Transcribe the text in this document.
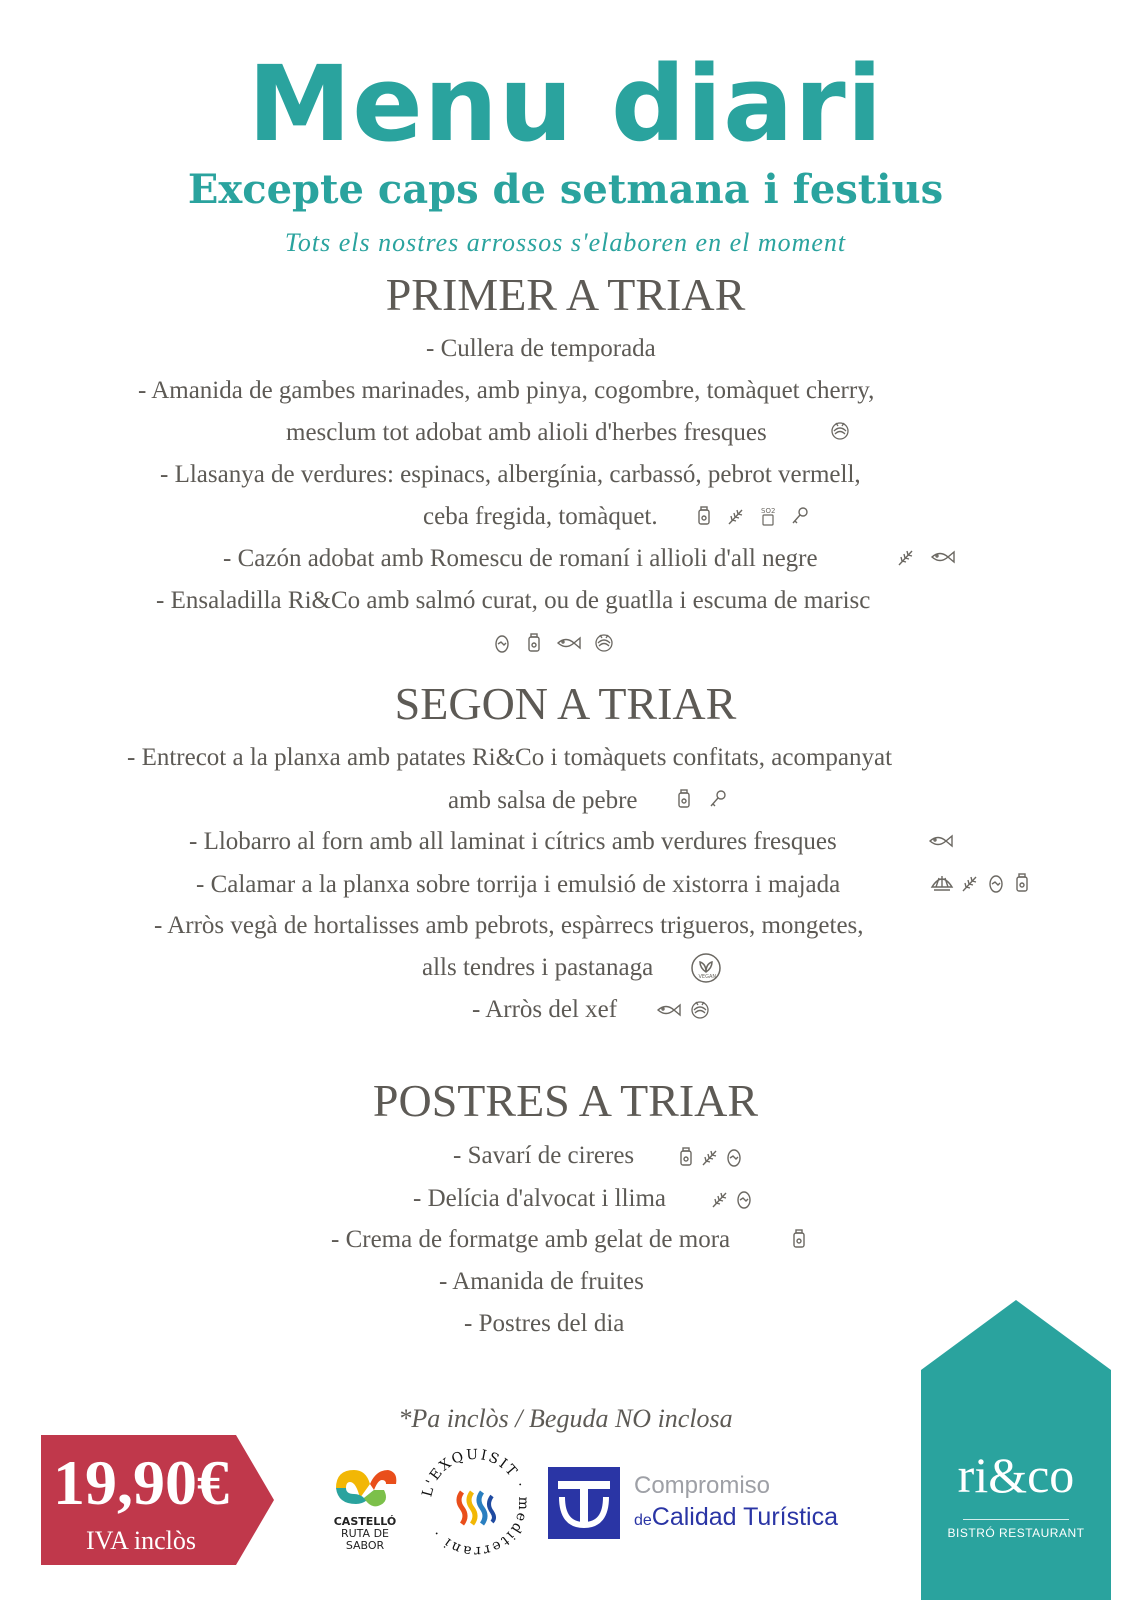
Menu diari
Excepte caps de setmana i festius
Tots els nostres arrossos s'elaboren en el moment
PRIMER A TRIAR
- Cullera de temporada
- Amanida de gambes marinades, amb pinya, cogombre, tomàquet cherry,
mesclum tot adobat amb alioli d'herbes fresques
- Llasanya de verdures: espinacs, albergínia, carbassó, pebrot vermell,
ceba fregida, tomàquet.	SO2
- Cazón adobat amb Romescu de romaní i allioli d'all negre
- Ensaladilla Ri&Co amb salmó curat, ou de guatlla i escuma de marisc
SEGON A TRIAR
- Entrecot a la planxa amb patates Ri&Co i tomàquets confitats, acompanyat
amb salsa de pebre
- Llobarro al forn amb all laminat i cítrics amb verdures fresques
- Calamar a la planxa sobre torrija i emulsió de xistorra i majada
- Arròs vegà de hortalisses amb pebrots, espàrrecs trigueros, mongetes,
alls tendres i pastanaga	VEGAN
- Arròs del xef
POSTRES A TRIAR
- Savarí de cireres
- Delícia d'alvocat i llima
- Crema de formatge amb gelat de mora
- Amanida de fruites
- Postres del dia
*Pa inclòs / Beguda NO inclosa
19,90€
IVA inclòs
CASTELLÓ
RUTA DE
SABOR
L'EXQUISIT · mediterrani ·
Compromiso
deCalidad Turística
ri&co
BISTRÓ RESTAURANT
